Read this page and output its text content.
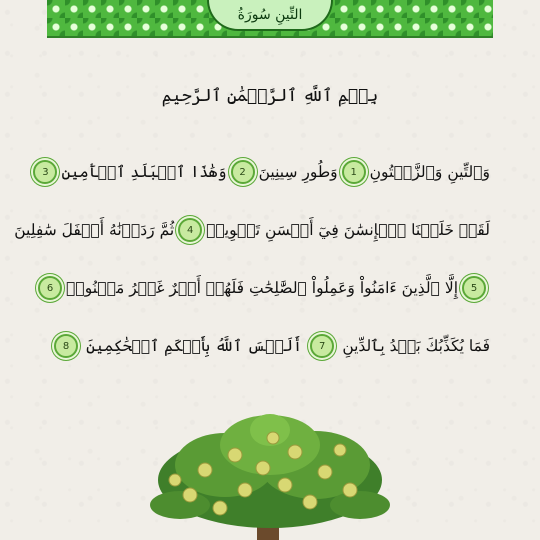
التِّينِ سُورَةُ
بِسۡمِ ٱللَّهِ ٱلرَّحۡمَٰنِ ٱلرَّحِيمِ
وَٱلتِّينِ وَٱلزَّيۡتُونِ
1
وَطُورِ سِينِينَ
2
وَهَٰذَا ٱلۡبَلَدِ ٱلۡأَمِينِ
3
لَقَدۡ خَلَقۡنَا ٱلۡإِنسَٰنَ فِيٓ أَحۡسَنِ تَقۡوِيمٖ
4
ثُمَّ رَدَدۡنَٰهُ أَسۡفَلَ سَٰفِلِينَ
5
إِلَّا ٱلَّذِينَ ءَامَنُواْ وَعَمِلُواْ ٱلصَّٰلِحَٰتِ فَلَهُمۡ أَجۡرٌ غَيۡرُ مَمۡنُونٖ
6
فَمَا يُكَذِّبُكَ بَعۡدُ بِٱلدِّينِ
7
أَلَيۡسَ ٱللَّهُ بِأَحۡكَمِ ٱلۡحَٰكِمِينَ
8
